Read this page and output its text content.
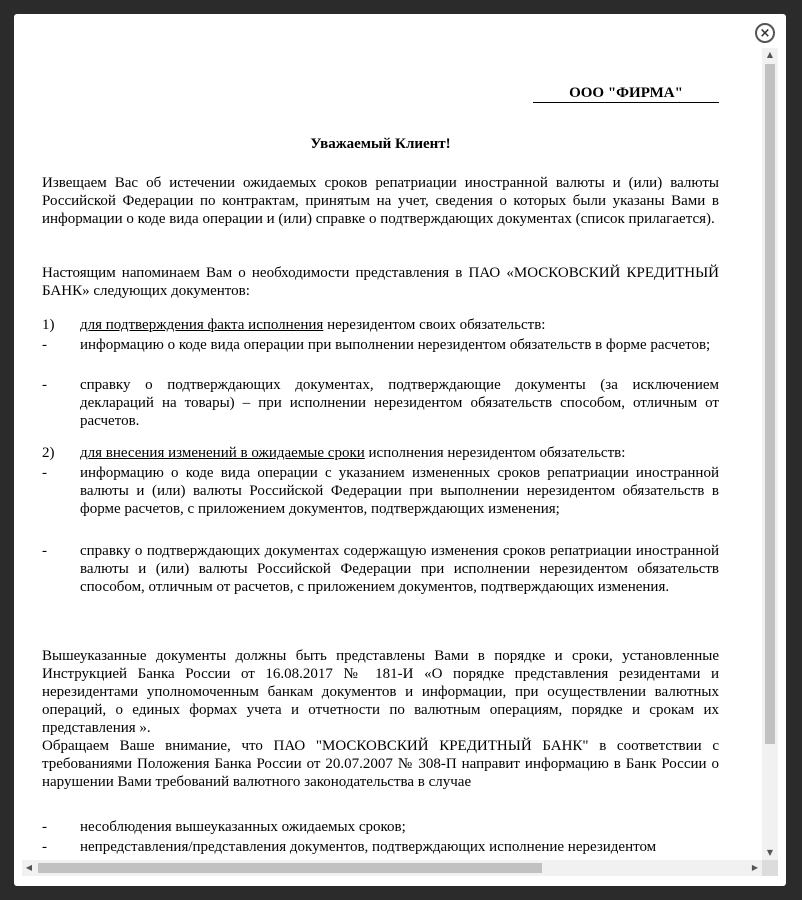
×
ООО "ФИРМА"
Уважаемый Клиент!

Извещаем Вас об истечении ожидаемых сроков репатриации иностранной валюты и (или) валюты Российской Федерации по контрактам, принятым на учет, сведения о которых были указаны Вами в информации о коде вида операции и (или) справке о подтверждающих документах (список прилагается).

Настоящим напоминаем Вам о необходимости представления в ПАО «МОСКОВСКИЙ КРЕДИТНЫЙ БАНК» следующих документов:

1) для подтверждения факта исполнения нерезидентом своих обязательств:
- информацию о коде вида операции при выполнении нерезидентом обязательств в форме расчетов;
- справку о подтверждающих документах, подтверждающие документы (за исключением деклараций на товары) – при исполнении нерезидентом обязательств способом, отличным от расчетов.
2) для внесения изменений в ожидаемые сроки исполнения нерезидентом обязательств:
- информацию о коде вида операции с указанием измененных сроков репатриации иностранной валюты и (или) валюты Российской Федерации при выполнении нерезидентом обязательств в форме расчетов, с приложением документов, подтверждающих изменения;
- справку о подтверждающих документах содержащую изменения сроков репатриации иностранной валюты и (или) валюты Российской Федерации при исполнении нерезидентом обязательств способом, отличным от расчетов, с приложением документов, подтверждающих изменения.

Вышеуказанные документы должны быть представлены Вами в порядке и сроки, установленные Инструкцией Банка России от 16.08.2017 № 181-И «О порядке представления резидентами и нерезидентами уполномоченным банкам документов и информации, при осуществлении валютных операций, о единых формах учета и отчетности по валютным операциям, порядке и срокам их представления ».

Обращаем Ваше внимание, что ПАО "МОСКОВСКИЙ КРЕДИТНЫЙ БАНК" в соответствии с требованиями Положения Банка России от 20.07.2007 № 308-П направит информацию в Банк России о нарушении Вами требований валютного законодательства в случае

- несоблюдения вышеуказанных ожидаемых сроков;
- непредставления/представления документов, подтверждающих исполнение нерезидентом
▲
▼
◀	▶
